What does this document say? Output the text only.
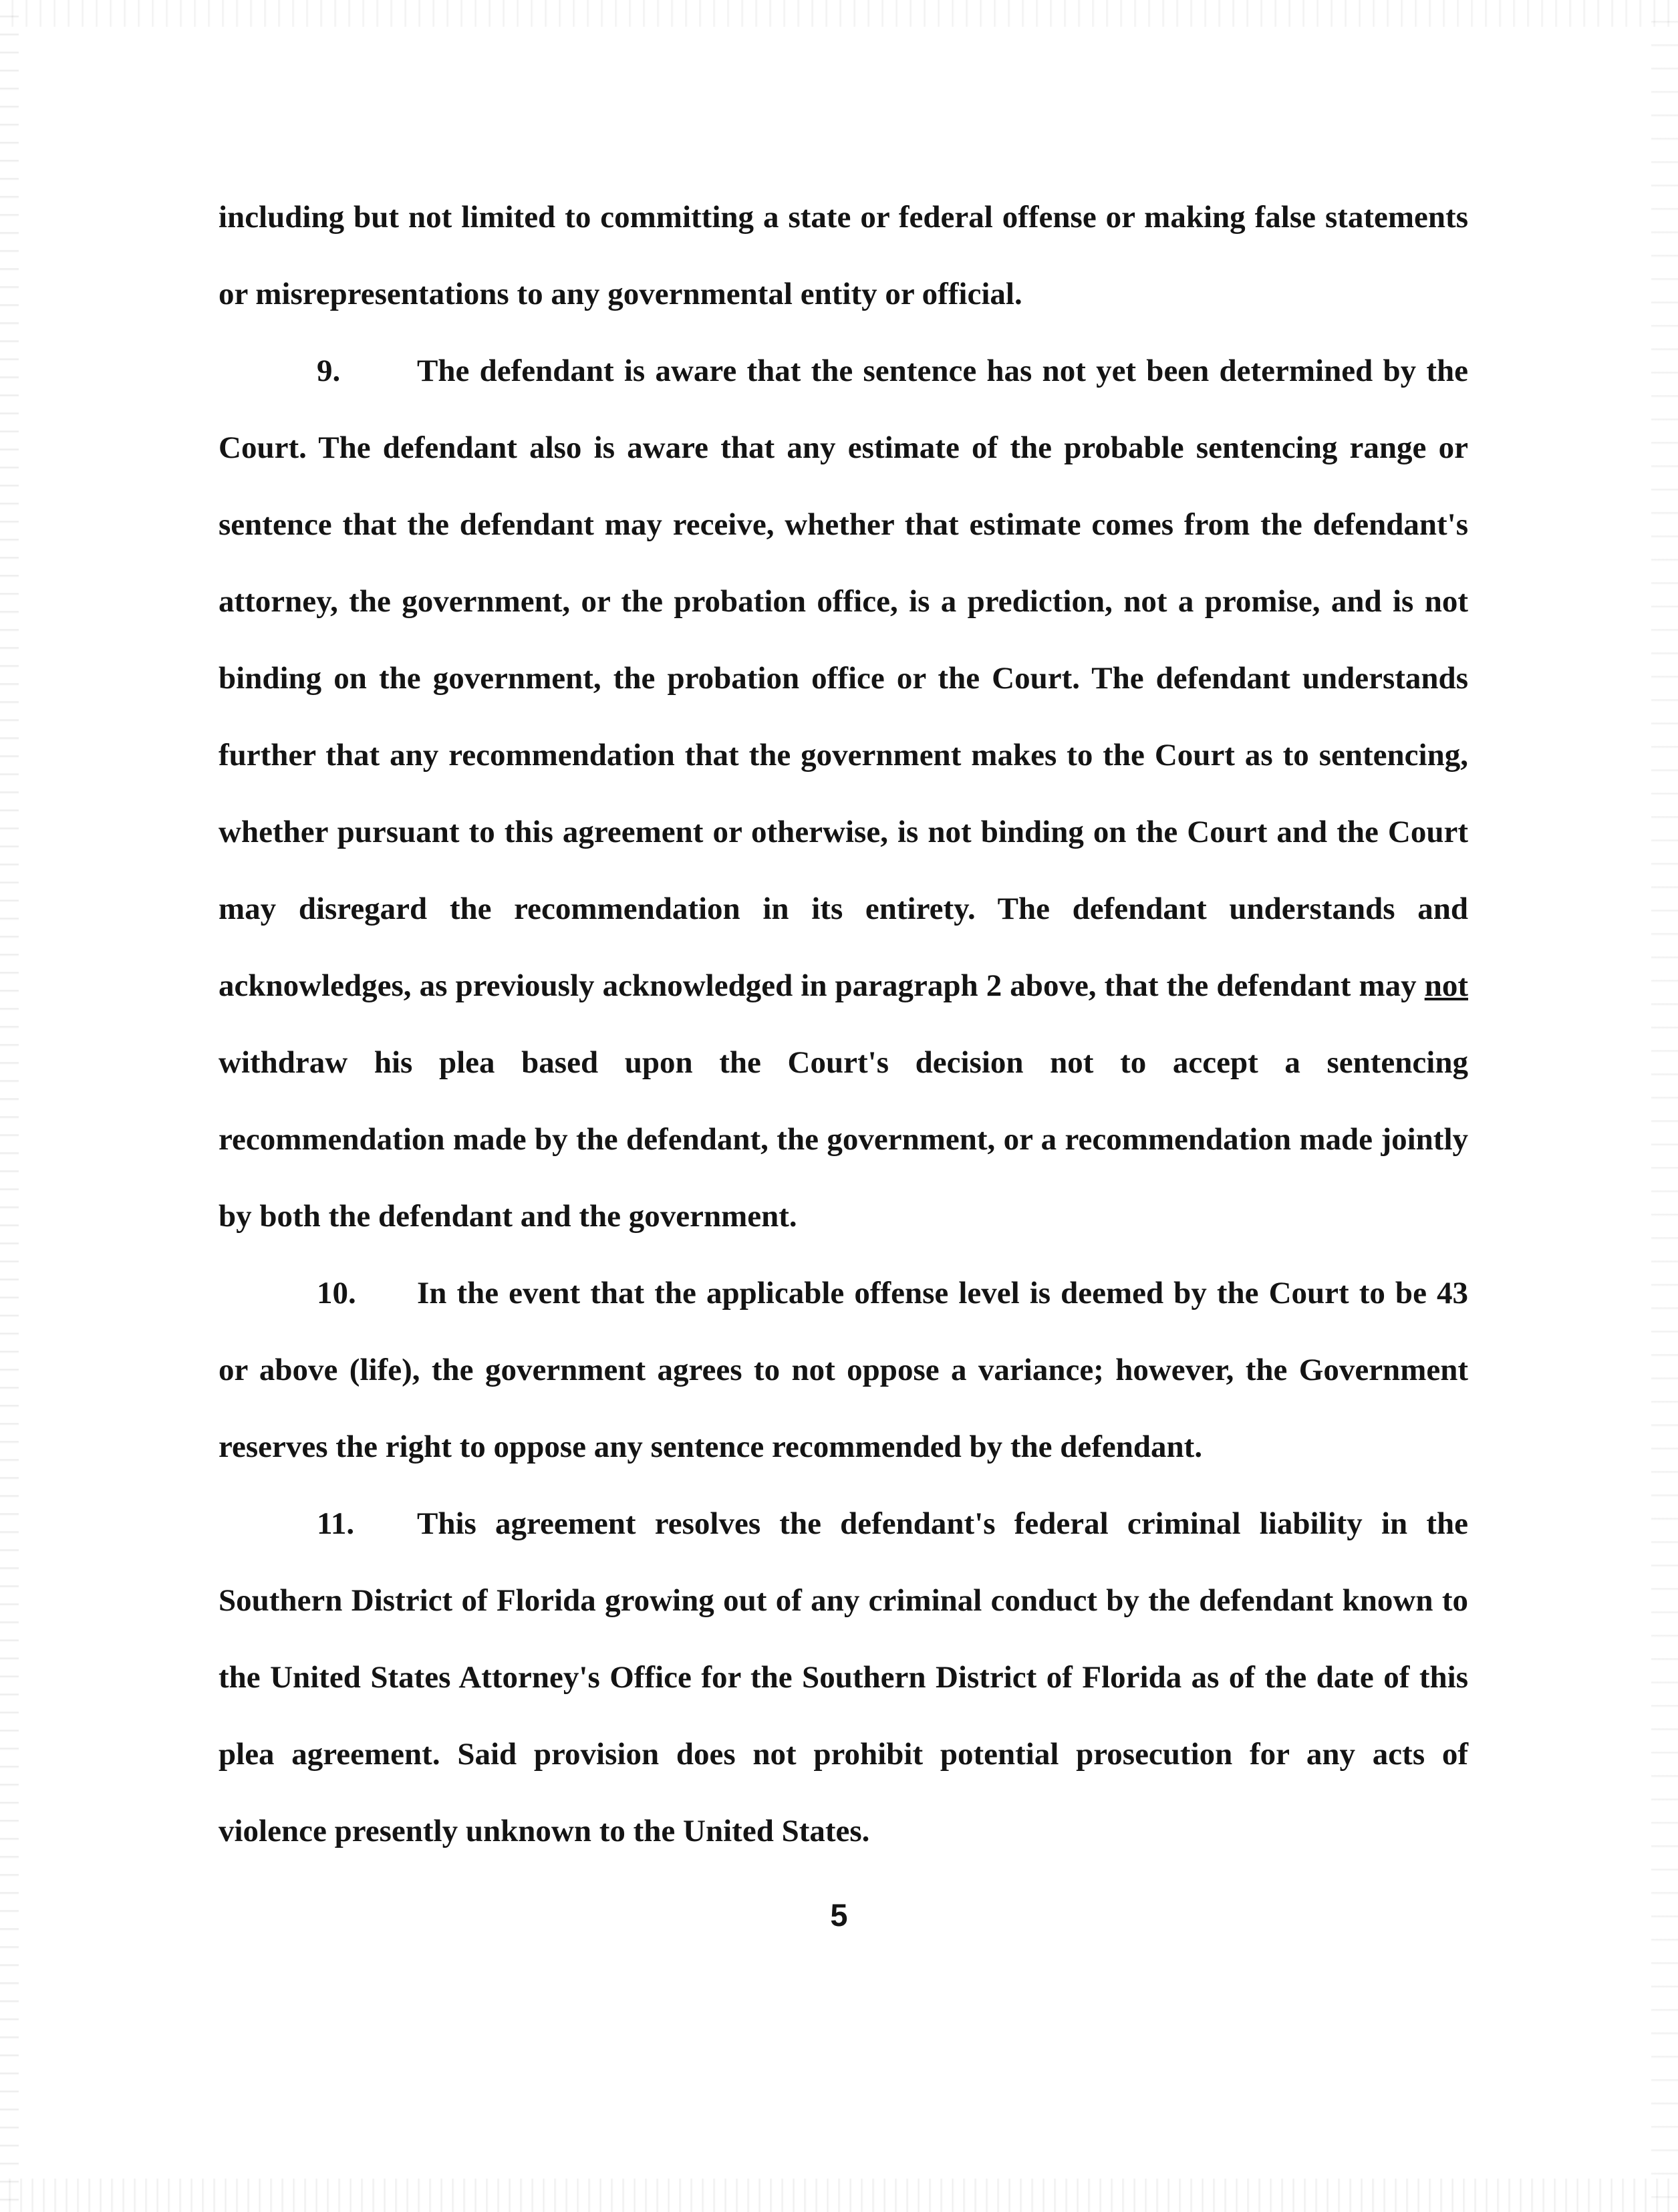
including but not limited to committing a state or federal offense or making false statements or misrepresentations to any governmental entity or official.

9. The defendant is aware that the sentence has not yet been determined by the Court. The defendant also is aware that any estimate of the probable sentencing range or sentence that the defendant may receive, whether that estimate comes from the defendant's attorney, the government, or the probation office, is a prediction, not a promise, and is not binding on the government, the probation office or the Court. The defendant understands further that any recommendation that the government makes to the Court as to sentencing, whether pursuant to this agreement or otherwise, is not binding on the Court and the Court may disregard the recommendation in its entirety. The defendant understands and acknowledges, as previously acknowledged in paragraph 2 above, that the defendant may not withdraw his plea based upon the Court's decision not to accept a sentencing recommendation made by the defendant, the government, or a recommendation made jointly by both the defendant and the government.

10. In the event that the applicable offense level is deemed by the Court to be 43 or above (life), the government agrees to not oppose a variance; however, the Government reserves the right to oppose any sentence recommended by the defendant.

11. This agreement resolves the defendant's federal criminal liability in the Southern District of Florida growing out of any criminal conduct by the defendant known to the United States Attorney's Office for the Southern District of Florida as of the date of this plea agreement. Said provision does not prohibit potential prosecution for any acts of violence presently unknown to the United States.

5
